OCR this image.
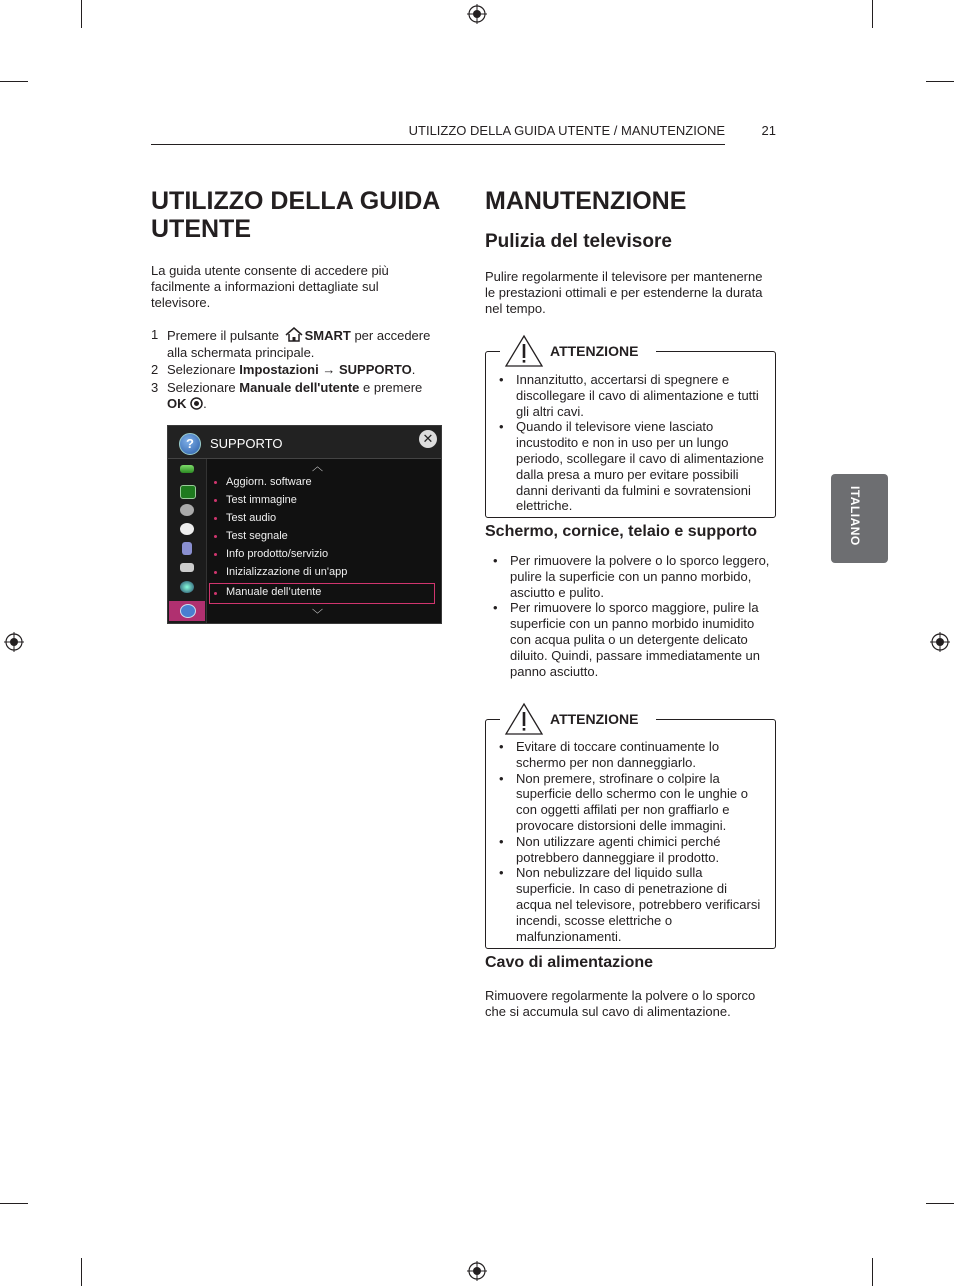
UTILIZZO DELLA GUIDA UTENTE / MANUTENZIONE	21
UTILIZZO DELLA GUIDA
UTENTE

La guida utente consente di accedere più facilmente a informazioni dettagliate sul televisore.

1 Premere il pulsante SMART per accedere alla schermata principale.
2 Selezionare Impostazioni → SUPPORTO.
3 Selezionare Manuale dell'utente e premere
OK .
?	SUPPORTO	✕
︿
Aggiorn. software
Test immagine
Test audio
Test segnale
Info prodotto/servizio
Inizializzazione di un'app
Manuale dell’utente
﹀
MANUTENZIONE
Pulizia del televisore

Pulire regolarmente il televisore per mantenerne le prestazioni ottimali e per estenderne la durata nel tempo.

ATTENZIONE
• Innanzitutto, accertarsi di spegnere e discollegare il cavo di alimentazione e tutti gli altri cavi.
• Quando il televisore viene lasciato incustodito e non in uso per un lungo periodo, scollegare il cavo di alimentazione dalla presa a muro per evitare possibili danni derivanti da fulmini e sovratensioni elettriche.
Schermo, cornice, telaio e supporto
• Per rimuovere la polvere o lo sporco leggero, pulire la superficie con un panno morbido, asciutto e pulito.
• Per rimuovere lo sporco maggiore, pulire la superficie con un panno morbido inumidito con acqua pulita o un detergente delicato diluito. Quindi, passare immediatamente un panno asciutto.
ATTENZIONE
• Evitare di toccare continuamente lo schermo per non danneggiarlo.
• Non premere, strofinare o colpire la superficie dello schermo con le unghie o con oggetti affilati per non graffiarlo e provocare distorsioni delle immagini.
• Non utilizzare agenti chimici perché potrebbero danneggiare il prodotto.
• Non nebulizzare del liquido sulla superficie. In caso di penetrazione di acqua nel televisore, potrebbero verificarsi incendi, scosse elettriche o malfunzionamenti.
Cavo di alimentazione

Rimuovere regolarmente la polvere o lo sporco che si accumula sul cavo di alimentazione.

ITALIANO
